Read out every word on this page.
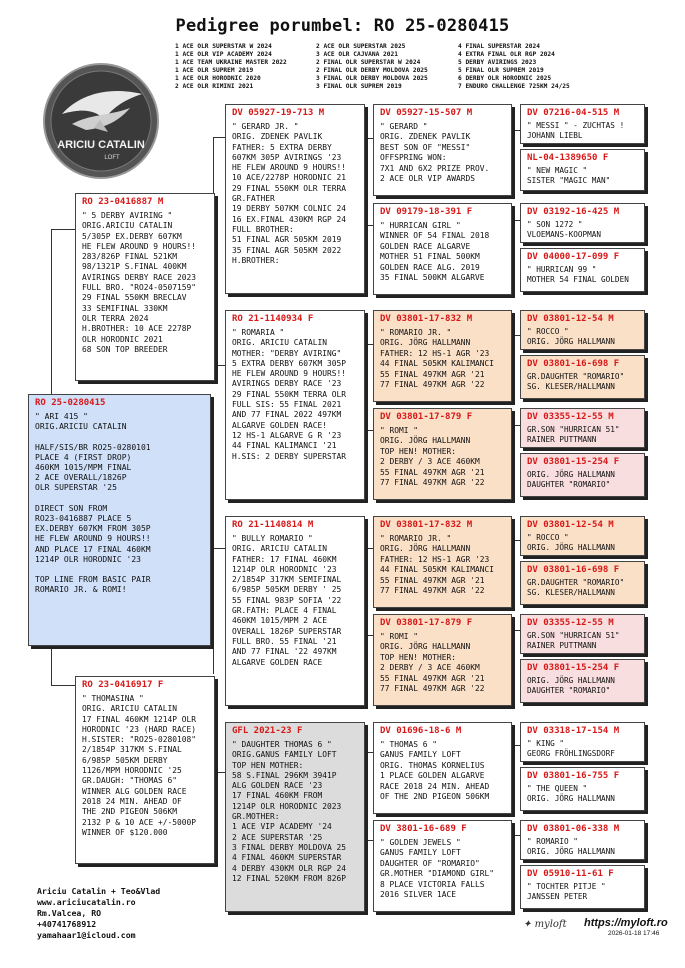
Pedigree porumbel: RO 25-0280415
1 ACE OLR SUPERSTAR W 2024
1 ACE OLR VIP ACADEMY 2024
1 ACE TEAM UKRAINE MASTER 2022
1 ACE OLR SUPREM 2019
1 ACE OLR HORODNIC 2020
2 ACE OLR RIMINI 2021
2 ACE OLR SUPERSTAR 2025
3 ACE OLR CAJVANA 2021
2 FINAL OLR SUPERSTAR W 2024
2 FINAL OLR DERBY MOLDOVA 2025
3 FINAL OLR DERBY MOLDOVA 2025
3 FINAL OLR SUPREM 2019
4 FINAL SUPERSTAR 2024
4 EXTRA FINAL OLR RGP 2024
5 DERBY AVIRINGS 2023
5 FINAL OLR SUPREM 2019
6 DERBY OLR HORODNIC 2025
7 ENDURO CHALLENGE 725KM 24/25
ARICIU CATALIN
LOFT
RO 25-0280415
" ARI 415 "
ORIG.ARICIU CATALIN

HALF/SIS/BR RO25-0280101
PLACE 4 (FIRST DROP)
460KM 1015/MPM FINAL
2 ACE OVERALL/1826P
OLR SUPERSTAR '25

DIRECT SON FROM
RO23-0416887 PLACE 5
EX.DERBY 607KM FROM 305P
HE FLEW AROUND 9 HOURS!!
AND PLACE 17 FINAL 460KM
1214P OLR HORODNIC '23

TOP LINE FROM BASIC PAIR
ROMARIO JR. & ROMI!
RO 23-0416887 M
" 5 DERBY AVIRING "
ORIG.ARICIU CATALIN
5/305P EX.DERBY 607KM
HE FLEW AROUND 9 HOURS!!
283/826P FINAL 521KM
98/1321P S.FINAL 400KM
AVIRINGS DERBY RACE 2023
FULL BRO. "RO24-0507159"
29 FINAL 550KM BRECLAV
33 SEMIFINAL 330KM
OLR TERRA 2024
H.BROTHER: 10 ACE 2278P
OLR HORODNIC 2021
68 SON TOP BREEDER
RO 23-0416917 F
" THOMASINA "
ORIG. ARICIU CATALIN
17 FINAL 460KM 1214P OLR
HORODNIC '23 (HARD RACE)
H.SISTER: "RO25-0280108"
2/1854P 317KM S.FINAL
6/985P 505KM DERBY
1126/MPM HORODNIC '25
GR.DAUGH: "THOMAS 6"
WINNER ALG GOLDEN RACE
2018 24 MIN. AHEAD OF
THE 2ND PIGEON 506KM
2132 P & 10 ACE +/-5000P
WINNER OF $120.000
DV 05927-19-713 M
" GERARD JR. "
ORIG. ZDENEK PAVLIK
FATHER: 5 EXTRA DERBY
607KM 305P AVIRINGS '23
HE FLEW AROUND 9 HOURS!!
10 ACE/2278P HORODNIC 21
29 FINAL 550KM OLR TERRA
GR.FATHER
19 DERBY 507KM COLNIC 24
16 EX.FINAL 430KM RGP 24
FULL BROTHER:
51 FINAL AGR 505KM 2019
35 FINAL AGR 505KM 2022
H.BROTHER:
RO 21-1140934 F
" ROMARIA "
ORIG. ARICIU CATALIN
MOTHER: "DERBY AVIRING"
5 EXTRA DERBY 607KM 305P
HE FLEW AROUND 9 HOURS!!
AVIRINGS DERBY RACE '23
29 FINAL 550KM TERRA OLR
FULL SIS: 55 FINAL 2021
AND 77 FINAL 2022 497KM
ALGARVE GOLDEN RACE!
12 HS-1 ALGARVE G R '23
44 FINAL KALIMANCI '21
H.SIS: 2 DERBY SUPERSTAR
RO 21-1140814 M
" BULLY ROMARIO "
ORIG. ARICIU CATALIN
FATHER: 17 FINAL 460KM
1214P OLR HORODNIC '23
2/1854P 317KM SEMIFINAL
6/985P 505KM DERBY ' 25
55 FINAL 983P SOFIA '22
GR.FATH: PLACE 4 FINAL
460KM 1015/MPM 2 ACE
OVERALL 1826P SUPERSTAR
FULL BRO. 55 FINAL '21
AND 77 FINAL '22 497KM
ALGARVE GOLDEN RACE
GFL 2021-23 F
" DAUGHTER THOMAS 6 "
ORIG.GANUS FAMILY LOFT
TOP HEN MOTHER:
58 S.FINAL 296KM 3941P
ALG GOLDEN RACE '23
17 FINAL 460KM FROM
1214P OLR HORODNIC 2023
GR.MOTHER:
1 ACE VIP ACADEMY '24
2 ACE SUPERSTAR '25
3 FINAL DERBY MOLDOVA 25
4 FINAL 460KM SUPERSTAR
4 DERBY 430KM OLR RGP 24
12 FINAL 520KM FROM 826P
DV 05927-15-507 M
" GERARD "
ORIG. ZDENEK PAVLIK
BEST SON OF "MESSI"
OFFSPRING WON:
7X1 AND 6X2 PRIZE PROV.
2 ACE OLR VIP AWARDS
DV 09179-18-391 F
" HURRICAN GIRL "
WINNER OF 54 FINAL 2018
GOLDEN RACE ALGARVE
MOTHER 51 FINAL 500KM
GOLDEN RACE ALG. 2019
35 FINAL 500KM ALGARVE
DV 03801-17-832 M
" ROMARIO JR. "
ORIG. JÖRG HALLMANN
FATHER: 12 HS-1 AGR '23
44 FINAL 505KM KALIMANCI
55 FINAL 497KM AGR '21
77 FINAL 497KM AGR '22
DV 03801-17-879 F
" ROMI "
ORIG. JÖRG HALLMANN
TOP HEN! MOTHER:
2 DERBY / 3 ACE 460KM
55 FINAL 497KM AGR '21
77 FINAL 497KM AGR '22
DV 03801-17-832 M
" ROMARIO JR. "
ORIG. JÖRG HALLMANN
FATHER: 12 HS-1 AGR '23
44 FINAL 505KM KALIMANCI
55 FINAL 497KM AGR '21
77 FINAL 497KM AGR '22
DV 03801-17-879 F
" ROMI "
ORIG. JÖRG HALLMANN
TOP HEN! MOTHER:
2 DERBY / 3 ACE 460KM
55 FINAL 497KM AGR '21
77 FINAL 497KM AGR '22
DV 01696-18-6 M
" THOMAS 6 "
GANUS FAMILY LOFT
ORIG. THOMAS KORNELIUS
1 PLACE GOLDEN ALGARVE
RACE 2018 24 MIN. AHEAD
OF THE 2ND PIGEON 506KM
DV 3801-16-689 F
" GOLDEN JEWELS "
GANUS FAMILY LOFT
DAUGHTER OF "ROMARIO"
GR.MOTHER "DIAMOND GIRL"
8 PLACE VICTORIA FALLS
2016 SILVER 1ACE
DV 07216-04-515 M
" MESSI " - ZUCHTAS !
JOHANN LIEBL
NL-04-1389650 F
" NEW MAGIC "
SISTER "MAGIC MAN"
DV 03192-16-425 M
" SON 1272 "
VLOEMANS-KOOPMAN
DV 04000-17-099 F
" HURRICAN 99 "
MOTHER 54 FINAL GOLDEN
DV 03801-12-54 M
" ROCCO "
ORIG. JÖRG HALLMANN
DV 03801-16-698 F
GR.DAUGHTER "ROMARIO"
SG. KLESER/HALLMANN
DV 03355-12-55 M
GR.SON "HURRICAN 51"
RAINER PUTTMANN
DV 03801-15-254 F
ORIG. JÖRG HALLMANN
DAUGHTER "ROMARIO"
DV 03801-12-54 M
" ROCCO "
ORIG. JÖRG HALLMANN
DV 03801-16-698 F
GR.DAUGHTER "ROMARIO"
SG. KLESER/HALLMANN
DV 03355-12-55 M
GR.SON "HURRICAN 51"
RAINER PUTTMANN
DV 03801-15-254 F
ORIG. JÖRG HALLMANN
DAUGHTER "ROMARIO"
DV 03318-17-154 M
" KING "
GEORG FRÖHLINGSDORF
DV 03801-16-755 F
" THE QUEEN "
ORIG. JÖRG HALLMANN
DV 03801-06-338 M
" ROMARIO "
ORIG. JÖRG HALLMANN
DV 05910-11-61 F
" TOCHTER PITJE "
JANSSEN PETER
Ariciu Catalin + Teo&Vlad
www.ariciucatalin.ro
Rm.Valcea, RO
+40741768912
yamahaar1@icloud.com
✦ myloft https://myloft.ro
2026-01-18 17:46
